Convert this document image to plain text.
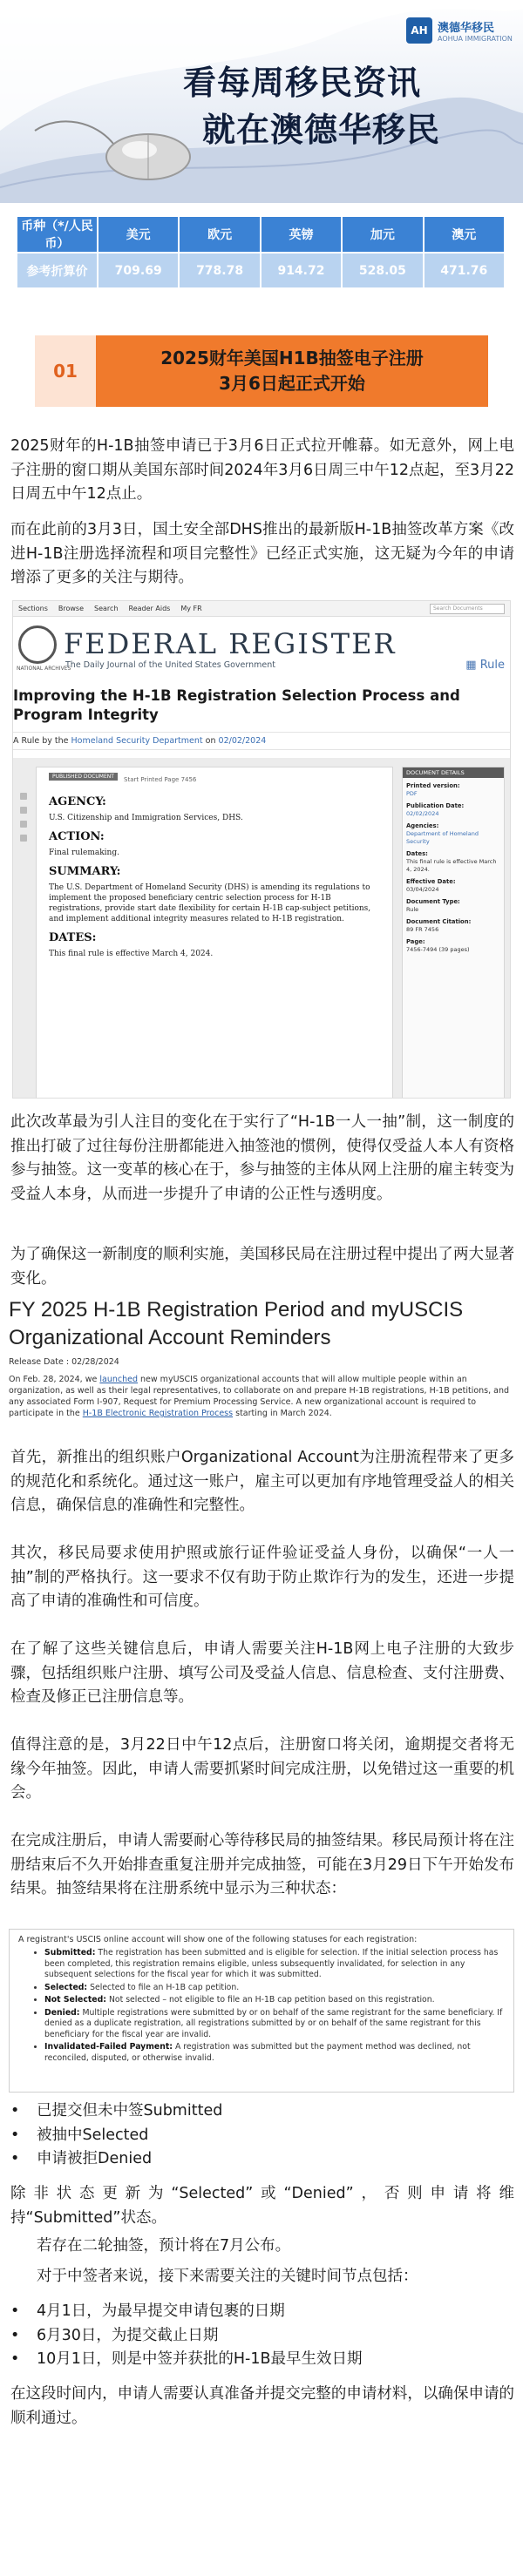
AH 澳德华移民
AOHUA IMMIGRATION
看每周移民资讯
就在澳德华移民
币种（*/人民币）	美元	欧元	英镑	加元	澳元
参考折算价	709.69	778.78	914.72	528.05	471.76
01
2025财年美国H1B抽签电子注册
3月6日起正式开始

2025财年的H-1B抽签申请已于3月6日正式拉开帷幕。如无意外，网上电子注册的窗口期从美国东部时间2024年3月6日周三中午12点起，至3月22日周五中午12点止。

而在此前的3月3日，国土安全部DHS推出的最新版H-1B抽签改革方案《改进H-1B注册选择流程和项目完整性》已经正式实施，这无疑为今年的申请增添了更多的关注与期待。

Sections Browse Search Reader Aids My FR	Search Documents
NATIONAL ARCHIVES
FEDERAL REGISTER
The Daily Journal of the United States Government	▦ Rule
Improving the H-1B Registration Selection Process and Program Integrity
A Rule by the Homeland Security Department on 02/02/2024
PUBLISHED DOCUMENT	Start Printed Page 7456
AGENCY:
U.S. Citizenship and Immigration Services, DHS.
ACTION:
Final rulemaking.
SUMMARY:
The U.S. Department of Homeland Security (DHS) is amending its regulations to implement the proposed beneficiary centric selection process for H-1B registrations, provide start date flexibility for certain H-1B cap-subject petitions, and implement additional integrity measures related to H-1B registration.
DATES:
This final rule is effective March 4, 2024.
DOCUMENT DETAILS
Printed version:
PDF
Publication Date:
02/02/2024
Agencies:
Department of Homeland Security
Dates:
This final rule is effective March 4, 2024.
Effective Date:
03/04/2024
Document Type:
Rule
Document Citation:
89 FR 7456
Page:
7456-7494 (39 pages)

此次改革最为引人注目的变化在于实行了“H-1B一人一抽”制，这一制度的推出打破了过往每份注册都能进入抽签池的惯例，使得仅受益人本人有资格参与抽签。这一变革的核心在于，参与抽签的主体从网上注册的雇主转变为受益人本身，从而进一步提升了申请的公正性与透明度。

为了确保这一新制度的顺利实施，美国移民局在注册过程中提出了两大显著变化。

FY 2025 H-1B Registration Period and myUSCIS Organizational Account Reminders
Release Date : 02/28/2024
On Feb. 28, 2024, we launched new myUSCIS organizational accounts that will allow multiple people within an organization, as well as their legal representatives, to collaborate on and prepare H-1B registrations, H-1B petitions, and any associated Form I-907, Request for Premium Processing Service. A new organizational account is required to participate in the H-1B Electronic Registration Process starting in March 2024.

首先，新推出的组织账户Organizational Account为注册流程带来了更多的规范化和系统化。通过这一账户，雇主可以更加有序地管理受益人的相关信息，确保信息的准确性和完整性。

其次，移民局要求使用护照或旅行证件验证受益人身份，以确保“一人一抽”制的严格执行。这一要求不仅有助于防止欺诈行为的发生，还进一步提高了申请的准确性和可信度。

在了解了这些关键信息后，申请人需要关注H-1B网上电子注册的大致步骤，包括组织账户注册、填写公司及受益人信息、信息检查、支付注册费、检查及修正已注册信息等。

值得注意的是，3月22日中午12点后，注册窗口将关闭，逾期提交者将无缘今年抽签。因此，申请人需要抓紧时间完成注册，以免错过这一重要的机会。

在完成注册后，申请人需要耐心等待移民局的抽签结果。移民局预计将在注册结束后不久开始排查重复注册并完成抽签，可能在3月29日下午开始发布结果。抽签结果将在注册系统中显示为三种状态：

A registrant's USCIS online account will show one of the following statuses for each registration:
• Submitted: The registration has been submitted and is eligible for selection. If the initial selection process has been completed, this registration remains eligible, unless subsequently invalidated, for selection in any subsequent selections for the fiscal year for which it was submitted.
• Selected: Selected to file an H-1B cap petition.
• Not Selected: Not selected – not eligible to file an H-1B cap petition based on this registration.
• Denied: Multiple registrations were submitted by or on behalf of the same registrant for the same beneficiary. If denied as a duplicate registration, all registrations submitted by or on behalf of the same registrant for this beneficiary for the fiscal year are invalid.
• Invalidated-Failed Payment: A registration was submitted but the payment method was declined, not reconciled, disputed, or otherwise invalid.
•	已提交但未中签Submitted
•	被抽中Selected
•	申请被拒Denied

除非状态更新为“Selected”或“Denied”，否则申请将维持“Submitted”状态。

若存在二轮抽签，预计将在7月公布。

对于中签者来说，接下来需要关注的关键时间节点包括：

•	4月1日，为最早提交申请包裹的日期
•	6月30日，为提交截止日期
•	10月1日，则是中签并获批的H-1B最早生效日期

在这段时间内，申请人需要认真准备并提交完整的申请材料，以确保申请的顺利通过。
